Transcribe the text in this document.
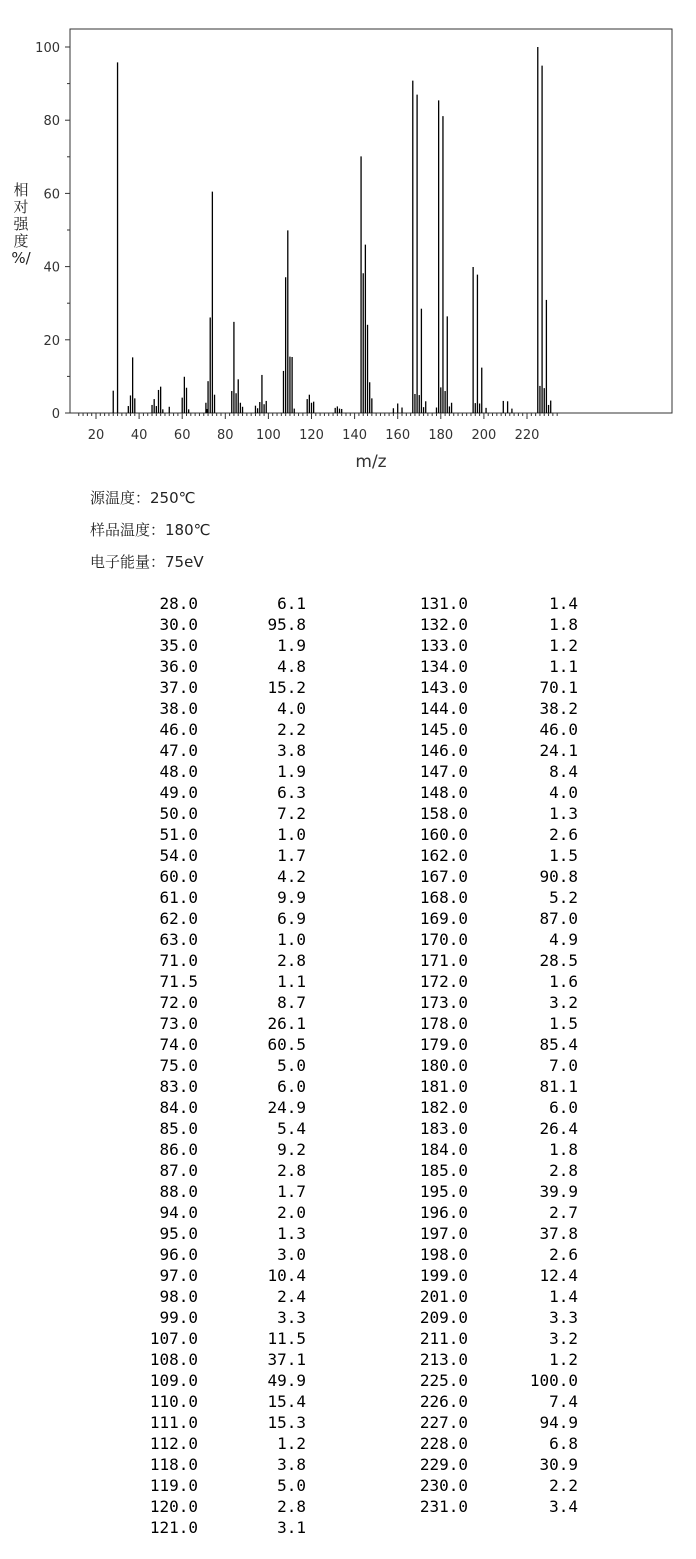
0
20
40
60
80
100
20 40 60 80 100 120 140 160 180 200 220
m/z
相
对
强
度
%/
源温度：250℃
样品温度：180℃
电子能量：75eV
28.0	6.1
30.0	95.8
35.0	1.9
36.0	4.8
37.0	15.2
38.0	4.0
46.0	2.2
47.0	3.8
48.0	1.9
49.0	6.3
50.0	7.2
51.0	1.0
54.0	1.7
60.0	4.2
61.0	9.9
62.0	6.9
63.0	1.0
71.0	2.8
71.5	1.1
72.0	8.7
73.0	26.1
74.0	60.5
75.0	5.0
83.0	6.0
84.0	24.9
85.0	5.4
86.0	9.2
87.0	2.8
88.0	1.7
94.0	2.0
95.0	1.3
96.0	3.0
97.0	10.4
98.0	2.4
99.0	3.3
107.0	11.5
108.0	37.1
109.0	49.9
110.0	15.4
111.0	15.3
112.0	1.2
118.0	3.8
119.0	5.0
120.0	2.8
121.0	3.1
131.0	1.4
132.0	1.8
133.0	1.2
134.0	1.1
143.0	70.1
144.0	38.2
145.0	46.0
146.0	24.1
147.0	8.4
148.0	4.0
158.0	1.3
160.0	2.6
162.0	1.5
167.0	90.8
168.0	5.2
169.0	87.0
170.0	4.9
171.0	28.5
172.0	1.6
173.0	3.2
178.0	1.5
179.0	85.4
180.0	7.0
181.0	81.1
182.0	6.0
183.0	26.4
184.0	1.8
185.0	2.8
195.0	39.9
196.0	2.7
197.0	37.8
198.0	2.6
199.0	12.4
201.0	1.4
209.0	3.3
211.0	3.2
213.0	1.2
225.0	100.0
226.0	7.4
227.0	94.9
228.0	6.8
229.0	30.9
230.0	2.2
231.0	3.4
